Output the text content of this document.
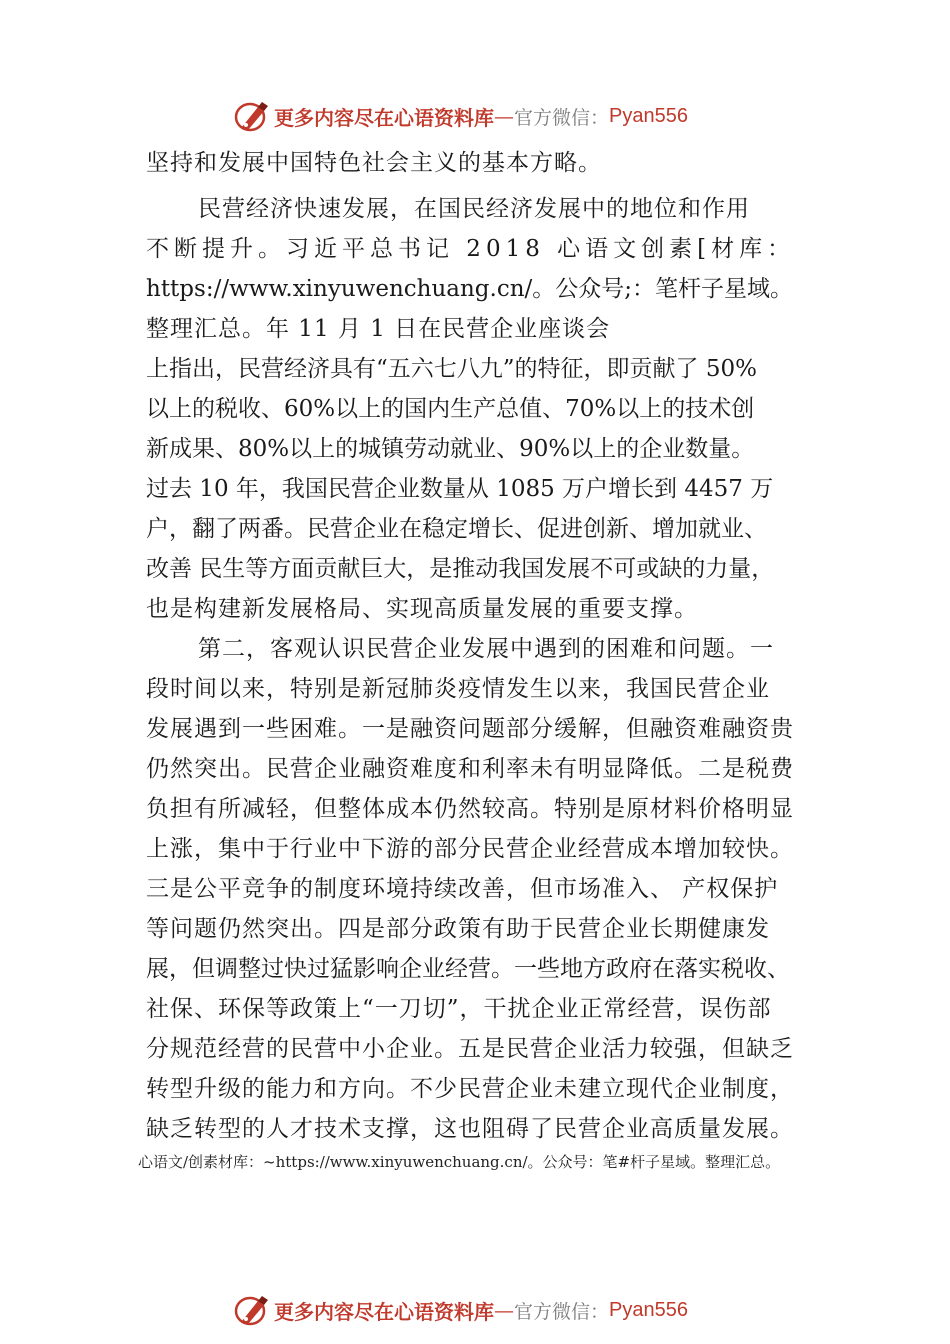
更多内容尽在心语资料库 — 官方微信： Pyan556
坚持和发展中国特色社会主义的基本方略。
民营经济快速发展，在国民经济发展中的地位和作用
不断提升。习近平总书记 2018 心语文创素[材库：
https://www.xinyuwenchuang.cn/。公众号;：笔杆子星域。
整理汇总。年 11 月 1 日在民营企业座谈会
上指出，民营经济具有“五六七八九”的特征，即贡献了 50%
以上的税收、60%以上的国内生产总值、70%以上的技术创
新成果、80%以上的城镇劳动就业、90%以上的企业数量。
过去 10 年，我国民营企业数量从 1085 万户增长到 4457 万
户，翻了两番。民营企业在稳定增长、促进创新、增加就业、
改善 民生等方面贡献巨大，是推动我国发展不可或缺的力量，
也是构建新发展格局、实现高质量发展的重要支撑。
第二，客观认识民营企业发展中遇到的困难和问题。一
段时间以来，特别是新冠肺炎疫情发生以来，我国民营企业
发展遇到一些困难。一是融资问题部分缓解，但融资难融资贵
仍然突出。民营企业融资难度和利率未有明显降低。二是税费
负担有所减轻，但整体成本仍然较高。特别是原材料价格明显
上涨，集中于行业中下游的部分民营企业经营成本增加较快。
三是公平竞争的制度环境持续改善，但市场准入、 产权保护
等问题仍然突出。四是部分政策有助于民营企业长期健康发
展，但调整过快过猛影响企业经营。一些地方政府在落实税收、
社保、环保等政策上“一刀切”，干扰企业正常经营，误伤部
分规范经营的民营中小企业。五是民营企业活力较强，但缺乏
转型升级的能力和方向。不少民营企业未建立现代企业制度，
缺乏转型的人才技术支撑，这也阻碍了民营企业高质量发展。
心语文/创素材库：~https://www.xinyuwenchuang.cn/。公众号：笔#杆子星域。整理汇总。
更多内容尽在心语资料库 — 官方微信： Pyan556
